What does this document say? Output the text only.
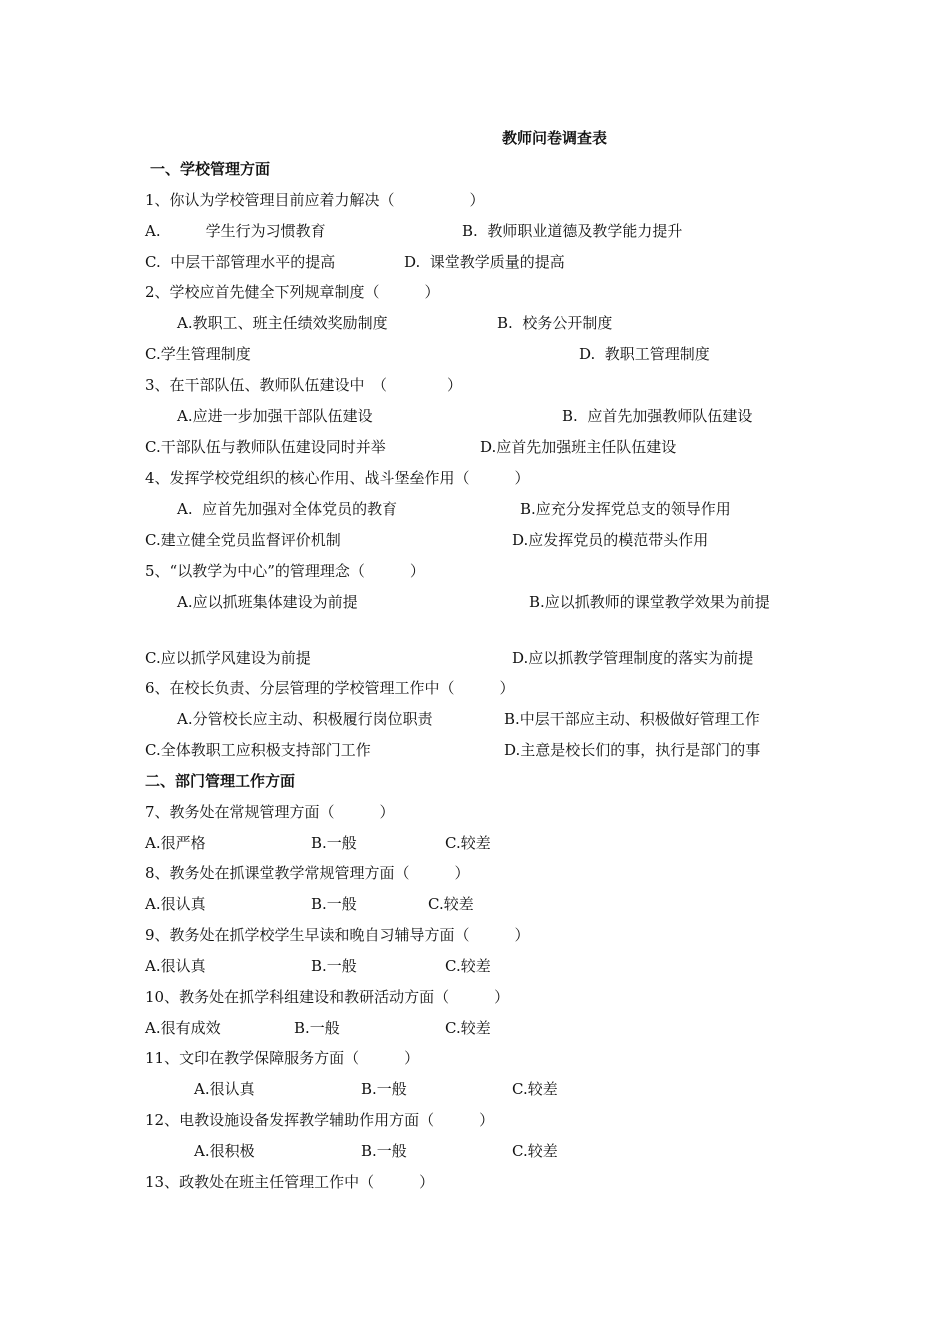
教师问卷调查表
一、学校管理方面
1、你认为学校管理目前应着力解决（　　　　　）
A.　　　学生行为习惯教育	B.  教师职业道德及教学能力提升
C.  中层干部管理水平的提高	D.  课堂教学质量的提高
2、学校应首先健全下列规章制度（　　　）
A.教职工、班主任绩效奖励制度	B.  校务公开制度
C.学生管理制度	D.  教职工管理制度
3、在干部队伍、教师队伍建设中　（　　　　）
A.应进一步加强干部队伍建设	B.  应首先加强教师队伍建设
C.干部队伍与教师队伍建设同时并举	D.应首先加强班主任队伍建设
4、发挥学校党组织的核心作用、战斗堡垒作用（　　　）
A.  应首先加强对全体党员的教育	B.应充分发挥党总支的领导作用
C.建立健全党员监督评价机制	D.应发挥党员的模范带头作用
5、“以教学为中心”的管理理念（　　　）
A.应以抓班集体建设为前提	B.应以抓教师的课堂教学效果为前提
C.应以抓学风建设为前提	D.应以抓教学管理制度的落实为前提
6、在校长负责、分层管理的学校管理工作中（　　　）
A.分管校长应主动、积极履行岗位职责	B.中层干部应主动、积极做好管理工作
C.全体教职工应积极支持部门工作	D.主意是校长们的事，执行是部门的事
二、部门管理工作方面
7、教务处在常规管理方面（　　　）
A.很严格	B.一般	C.较差
8、教务处在抓课堂教学常规管理方面（　　　）
A.很认真	B.一般	C.较差
9、教务处在抓学校学生早读和晚自习辅导方面（　　　）
A.很认真	B.一般	C.较差
10、教务处在抓学科组建设和教研活动方面（　　　）
A.很有成效	B.一般	C.较差
11、文印在教学保障服务方面（　　　）
A.很认真	B.一般	C.较差
12、电教设施设备发挥教学辅助作用方面（　　　）
A.很积极	B.一般	C.较差
13、政教处在班主任管理工作中（　　　）
